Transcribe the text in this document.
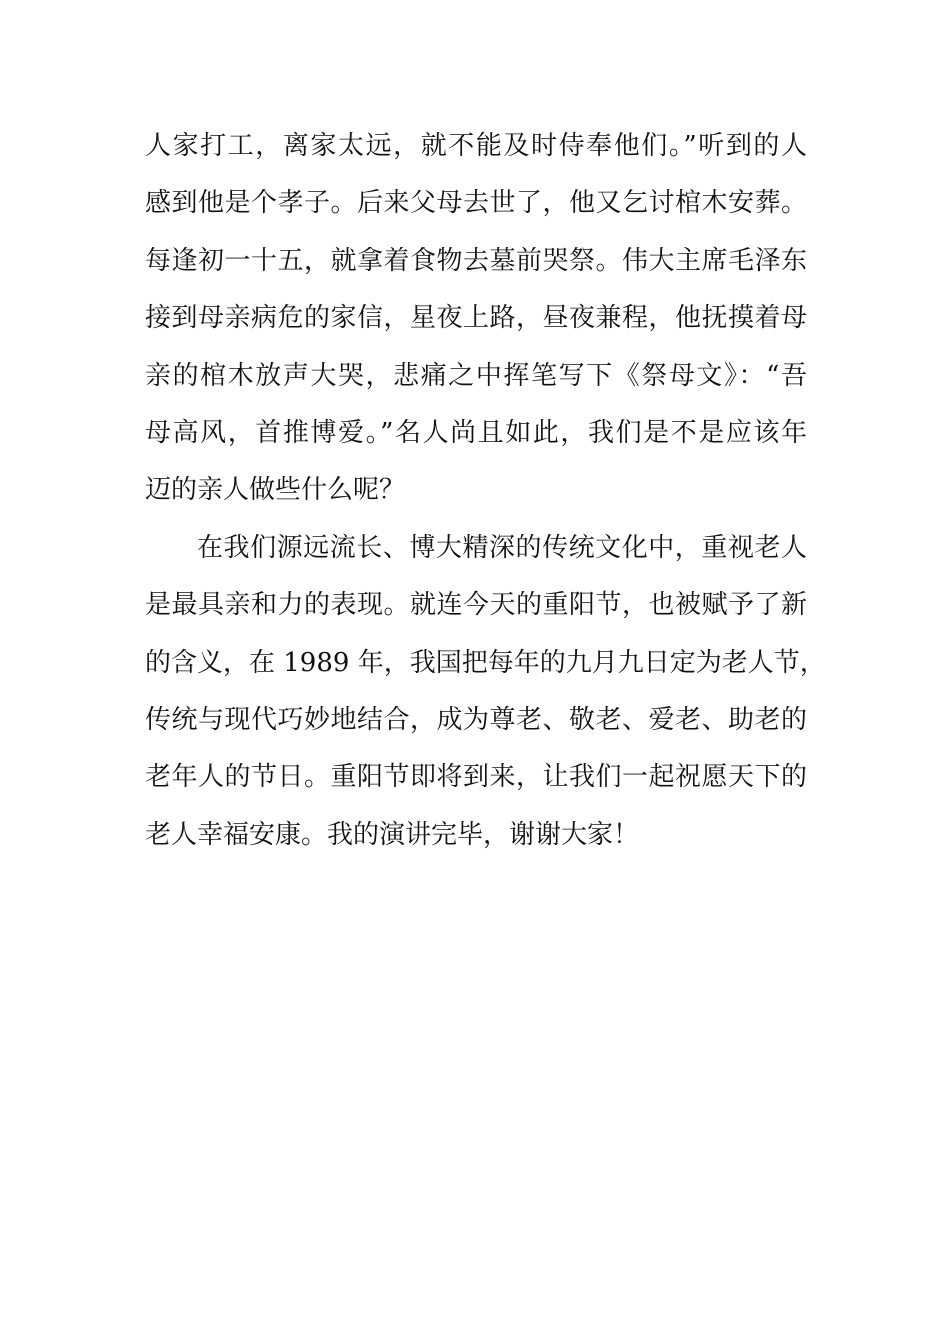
人家打工，离家太远，就不能及时侍奉他们。”听到的人
感到他是个孝子。后来父母去世了，他又乞讨棺木安葬。
每逢初一十五，就拿着食物去墓前哭祭。伟大主席毛泽东
接到母亲病危的家信，星夜上路，昼夜兼程，他抚摸着母
亲的棺木放声大哭，悲痛之中挥笔写下《祭母文》：“吾
母高风，首推博爱。”名人尚且如此，我们是不是应该年
迈的亲人做些什么呢？
在我们源远流长、博大精深的传统文化中，重视老人
是最具亲和力的表现。就连今天的重阳节，也被赋予了新
的含义，在 1989 年，我国把每年的九月九日定为老人节，
传统与现代巧妙地结合，成为尊老、敬老、爱老、助老的
老年人的节日。重阳节即将到来，让我们一起祝愿天下的
老人幸福安康。我的演讲完毕，谢谢大家！
